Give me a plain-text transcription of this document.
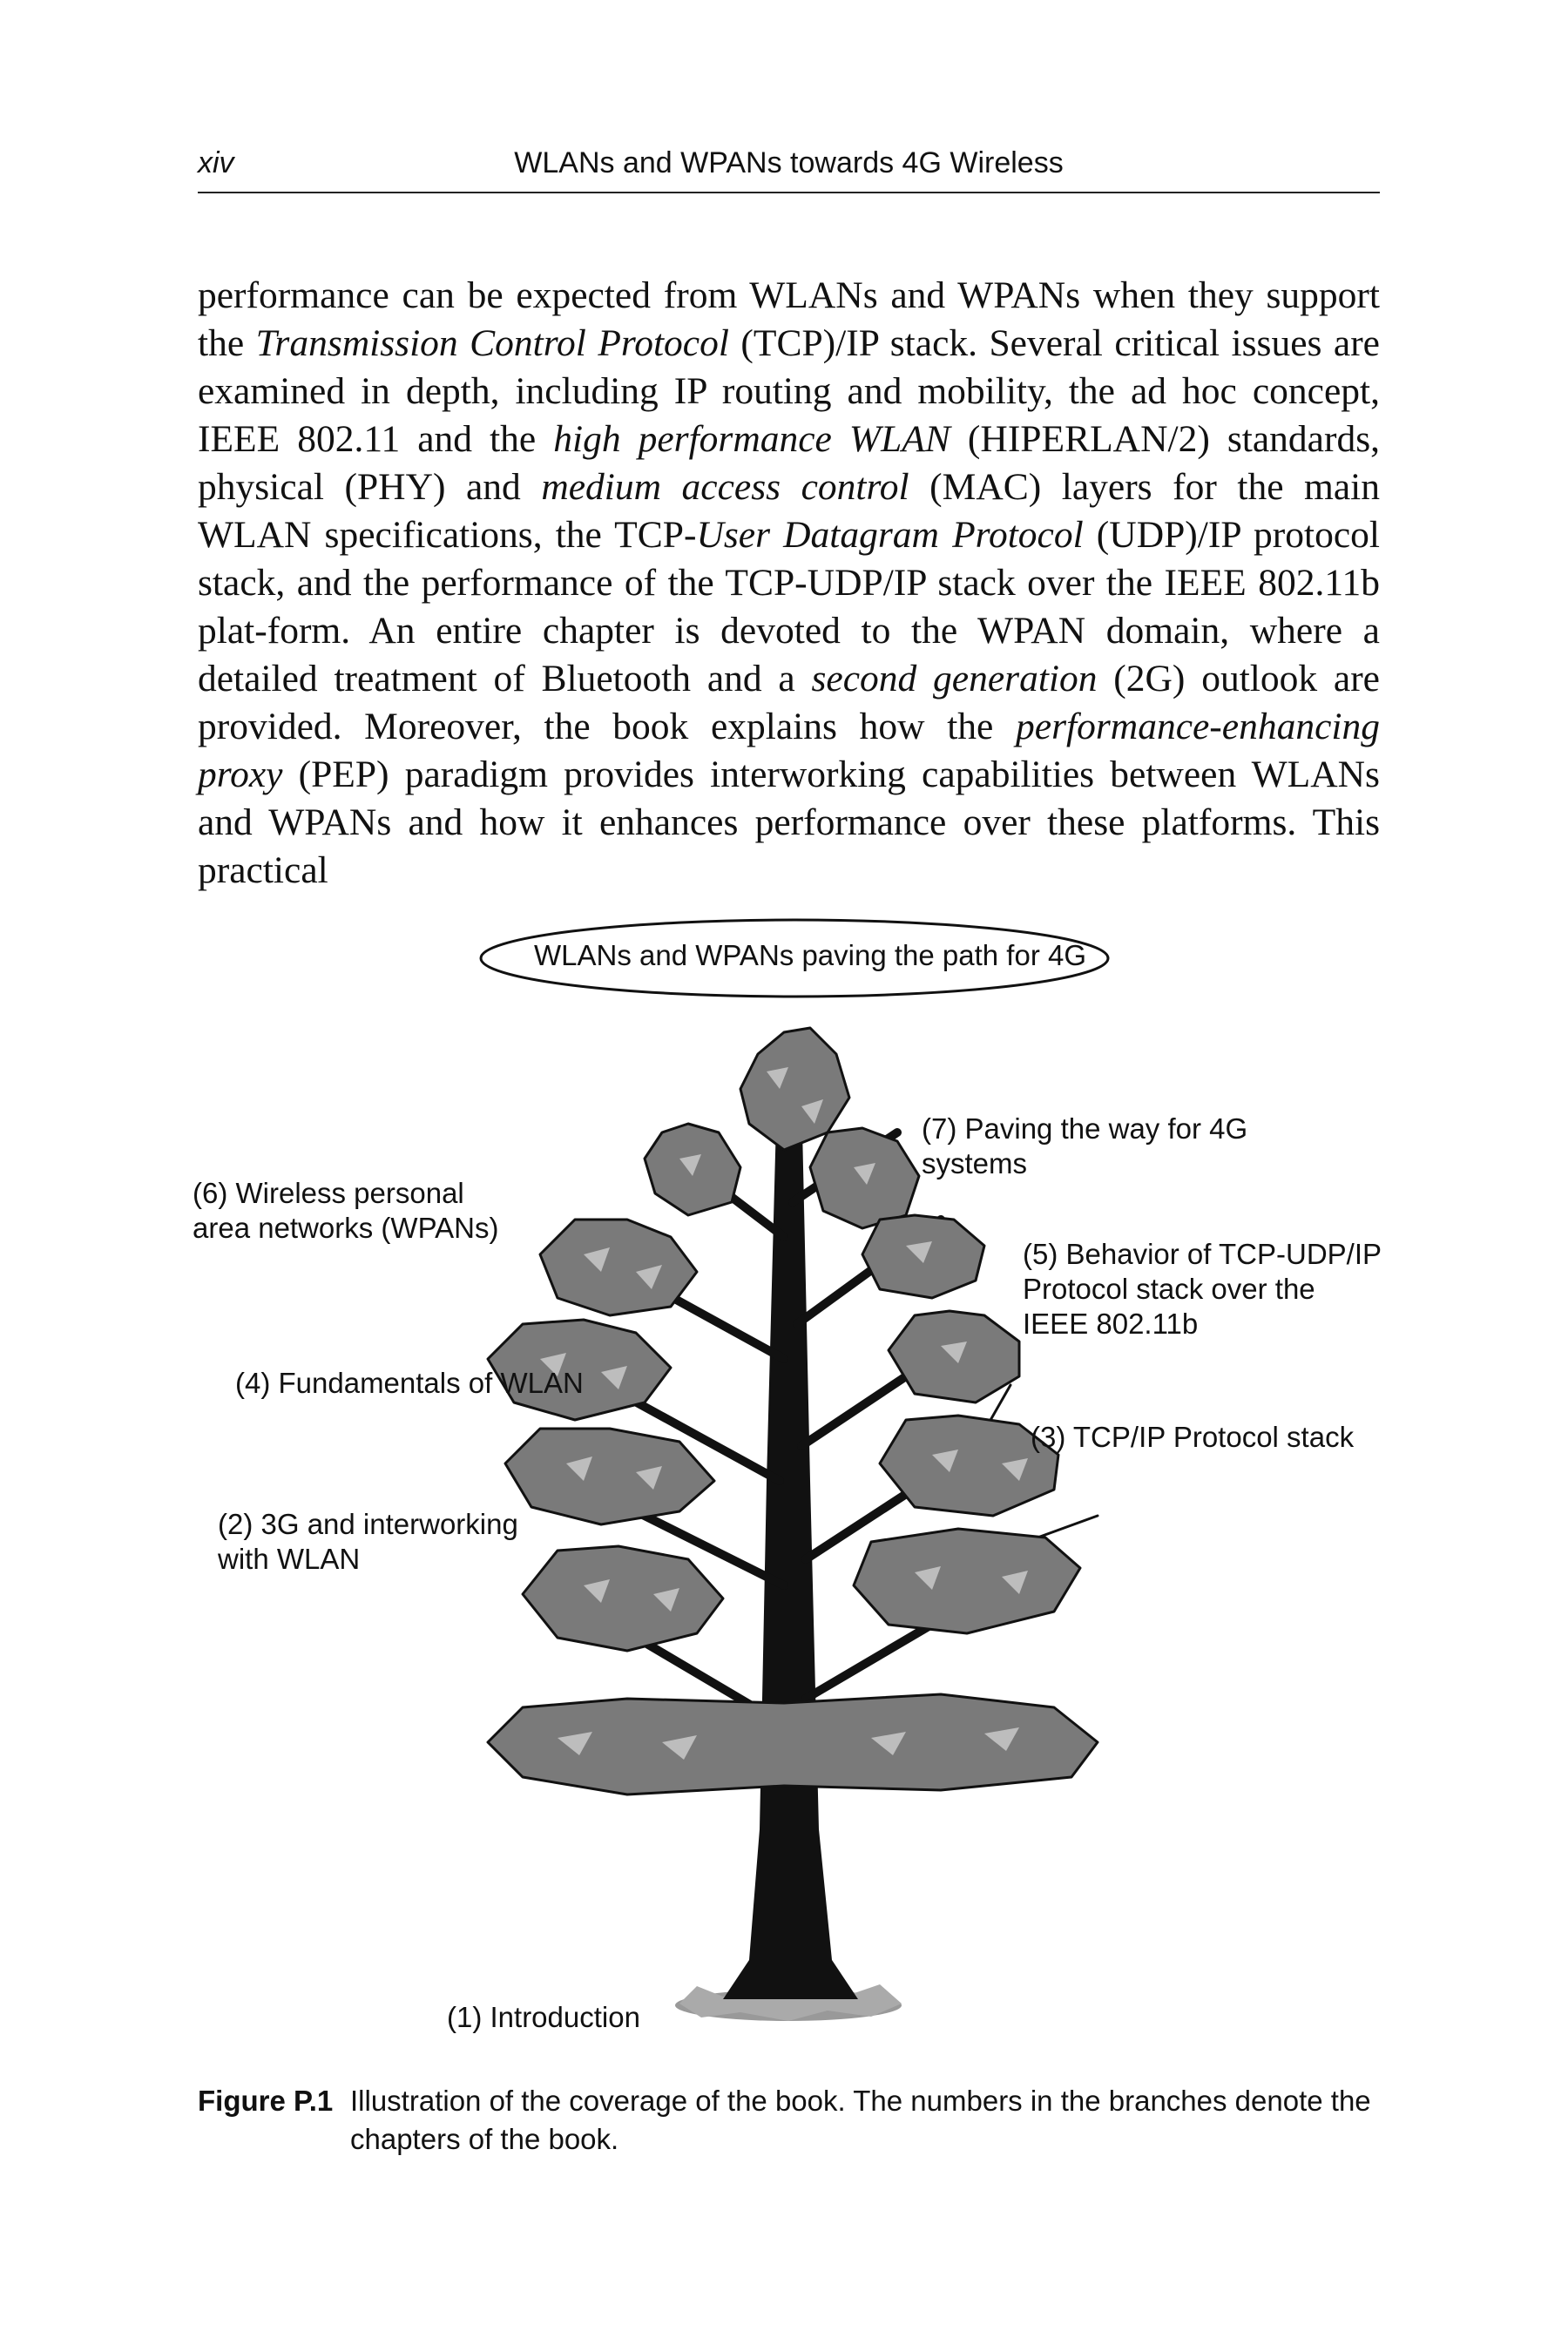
xiv	WLANs and WPANs towards 4G Wireless

performance can be expected from WLANs and WPANs when they support the Transmission Control Protocol (TCP)/IP stack. Several critical issues are examined in depth, including IP routing and mobility, the ad hoc concept, IEEE 802.11 and the high performance WLAN (HIPERLAN/2) standards, physical (PHY) and medium access control (MAC) layers for the main WLAN specifications, the TCP-User Datagram Protocol (UDP)/IP protocol stack, and the performance of the TCP-UDP/IP stack over the IEEE 802.11b plat-form. An entire chapter is devoted to the WPAN domain, where a detailed treatment of Bluetooth and a second generation (2G) outlook are provided. Moreover, the book explains how the performance-enhancing proxy (PEP) paradigm provides interworking capabilities between WLANs and WPANs and how it enhances performance over these platforms. This practical

WLANs and WPANs paving the path for 4G
(7) Paving the way for 4G
systems
(6) Wireless personal
area networks (WPANs)
(5) Behavior of TCP-UDP/IP
Protocol stack over the
IEEE 802.11b
(4) Fundamentals of WLAN
(3) TCP/IP Protocol stack
(2) 3G and interworking
with WLAN
(1) Introduction
Figure P.1 Illustration of the coverage of the book. The numbers in the branches denote the chapters of the book.
